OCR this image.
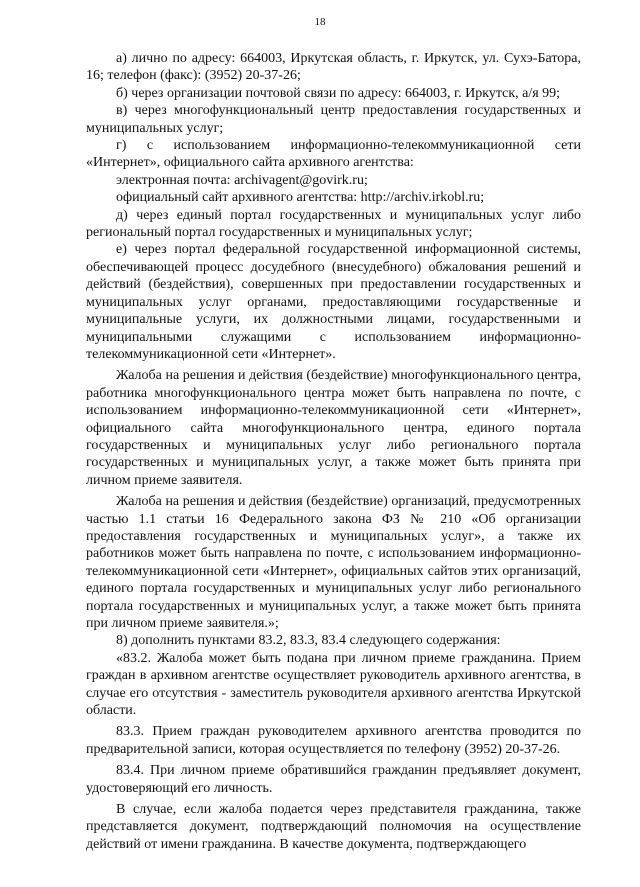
18

а) лично по адресу: 664003, Иркутская область, г. Иркутск, ул. Сухэ-Батора, 16; телефон (факс): (3952) 20-37-26;

б) через организации почтовой связи по адресу: 664003, г. Иркутск, а/я 99;

в) через многофункциональный центр предоставления государственных и муниципальных услуг;

г) с использованием информационно-телекоммуникационной сети «Интернет», официального сайта архивного агентства:

электронная почта: archivagent@govirk.ru;

официальный сайт архивного агентства: http://archiv.irkobl.ru;

д) через единый портал государственных и муниципальных услуг либо региональный портал государственных и муниципальных услуг;

е) через портал федеральной государственной информационной системы, обеспечивающей процесс досудебного (внесудебного) обжалования решений и действий (бездействия), совершенных при предоставлении государственных и муниципальных услуг органами, предоставляющими государственные и муниципальные услуги, их должностными лицами, государственными и муниципальными служащими с использованием информационно-телекоммуникационной сети «Интернет».

Жалоба на решения и действия (бездействие) многофункционального центра, работника многофункционального центра может быть направлена по почте, с использованием информационно-телекоммуникационной сети «Интернет», официального сайта многофункционального центра, единого портала государственных и муниципальных услуг либо регионального портала государственных и муниципальных услуг, а также может быть принята при личном приеме заявителя.

Жалоба на решения и действия (бездействие) организаций, предусмотренных частью 1.1 статьи 16 Федерального закона ФЗ № 210 «Об организации предоставления государственных и муниципальных услуг», а также их работников может быть направлена по почте, с использованием информационно-телекоммуникационной сети «Интернет», официальных сайтов этих организаций, единого портала государственных и муниципальных услуг либо регионального портала государственных и муниципальных услуг, а также может быть принята при личном приеме заявителя.»;

8) дополнить пунктами 83.2, 83.3, 83.4 следующего содержания:

«83.2. Жалоба может быть подана при личном приеме гражданина. Прием граждан в архивном агентстве осуществляет руководитель архивного агентства, в случае его отсутствия - заместитель руководителя архивного агентства Иркутской области.

83.3. Прием граждан руководителем архивного агентства проводится по предварительной записи, которая осуществляется по телефону (3952) 20-37-26.

83.4. При личном приеме обратившийся гражданин предъявляет документ, удостоверяющий его личность.

В случае, если жалоба подается через представителя гражданина, также представляется документ, подтверждающий полномочия на осуществление действий от имени гражданина. В качестве документа, подтверждающего
